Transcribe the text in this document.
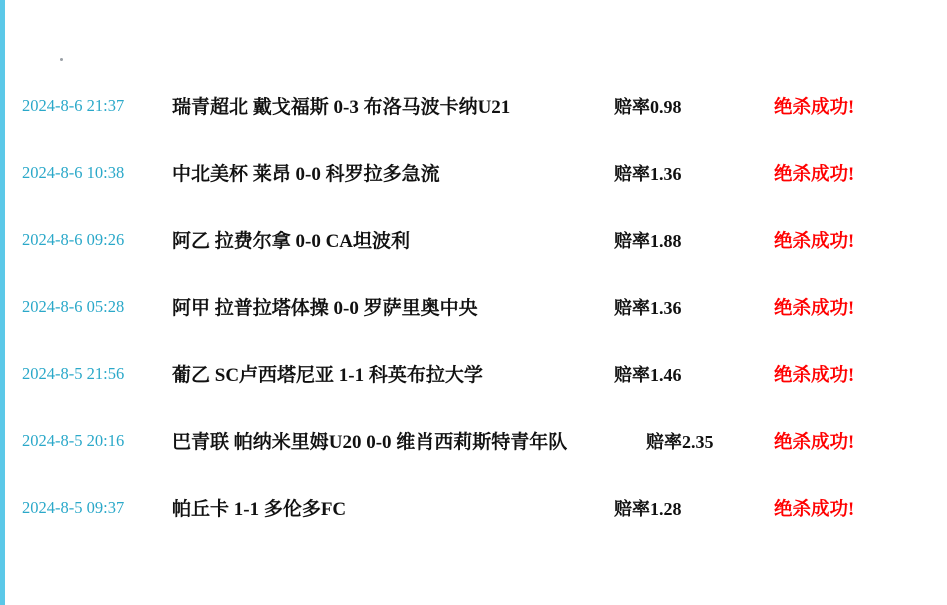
2024-8-6 21:37	瑞青超北 戴戈福斯 0-3 布洛马波卡纳U21	赔率0.98	绝杀成功!
2024-8-6 10:38	中北美杯 莱昂 0-0 科罗拉多急流	赔率1.36	绝杀成功!
2024-8-6 09:26	阿乙 拉费尔拿 0-0 CA坦波利	赔率1.88	绝杀成功!
2024-8-6 05:28	阿甲 拉普拉塔体操 0-0 罗萨里奥中央	赔率1.36	绝杀成功!
2024-8-5 21:56	葡乙 SC卢西塔尼亚 1-1 科英布拉大学	赔率1.46	绝杀成功!
2024-8-5 20:16	巴青联 帕纳米里姆U20 0-0 维肖西莉斯特青年队	赔率2.35	绝杀成功!
2024-8-5 09:37	帕丘卡 1-1 多伦多FC	赔率1.28	绝杀成功!
